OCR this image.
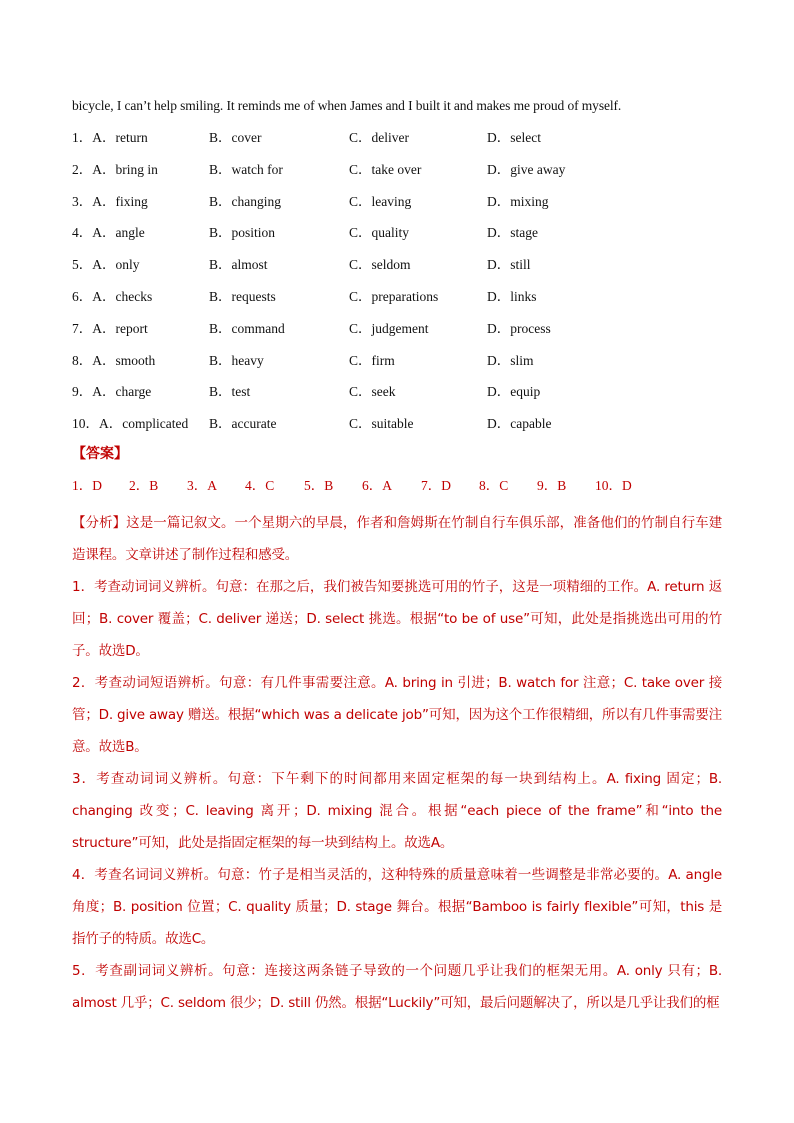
bicycle, I can’t help smiling. It reminds me of when James and I built it and makes me proud of myself.

1．A．return	B．cover	C．deliver	D．select
2．A．bring in	B．watch for	C．take over	D．give away
3．A．fixing	B．changing	C．leaving	D．mixing
4．A．angle	B．position	C．quality	D．stage
5．A．only	B．almost	C．seldom	D．still
6．A．checks	B．requests	C．preparations	D．links
7．A．report	B．command	C．judgement	D．process
8．A．smooth	B．heavy	C．firm	D．slim
9．A．charge	B．test	C．seek	D．equip
10．A．complicated	B．accurate	C．suitable	D．capable
【答案】
1．D	2．B	3．A	4．C	5．B	6．A	7．D	8．C	9．B	10．D

【分析】这是一篇记叙文。一个星期六的早晨，作者和詹姆斯在竹制自行车俱乐部，准备他们的竹制自行车建造课程。文章讲述了制作过程和感受。

1．考查动词词义辨析。句意：在那之后，我们被告知要挑选可用的竹子，这是一项精细的工作。A. return 返回；B. cover 覆盖；C. deliver 递送；D. select 挑选。根据“to be of use”可知，此处是指挑选出可用的竹子。故选D。

2．考查动词短语辨析。句意：有几件事需要注意。A. bring in 引进；B. watch for 注意；C. take over 接管；D. give away 赠送。根据“which was a delicate job”可知，因为这个工作很精细，所以有几件事需要注意。故选B。

3．考查动词词义辨析。句意：下午剩下的时间都用来固定框架的每一块到结构上。A. fixing 固定；B. changing 改变；C. leaving 离开；D. mixing 混合。根据“each piece of the frame”和“into the structure”可知，此处是指固定框架的每一块到结构上。故选A。

4．考查名词词义辨析。句意：竹子是相当灵活的，这种特殊的质量意味着一些调整是非常必要的。A. angle 角度；B. position 位置；C. quality 质量；D. stage 舞台。根据“Bamboo is fairly flexible”可知，this 是指竹子的特质。故选C。

5．考查副词词义辨析。句意：连接这两条链子导致的一个问题几乎让我们的框架无用。A. only 只有；B. almost 几乎；C. seldom 很少；D. still 仍然。根据“Luckily”可知，最后问题解决了，所以是几乎让我们的框
